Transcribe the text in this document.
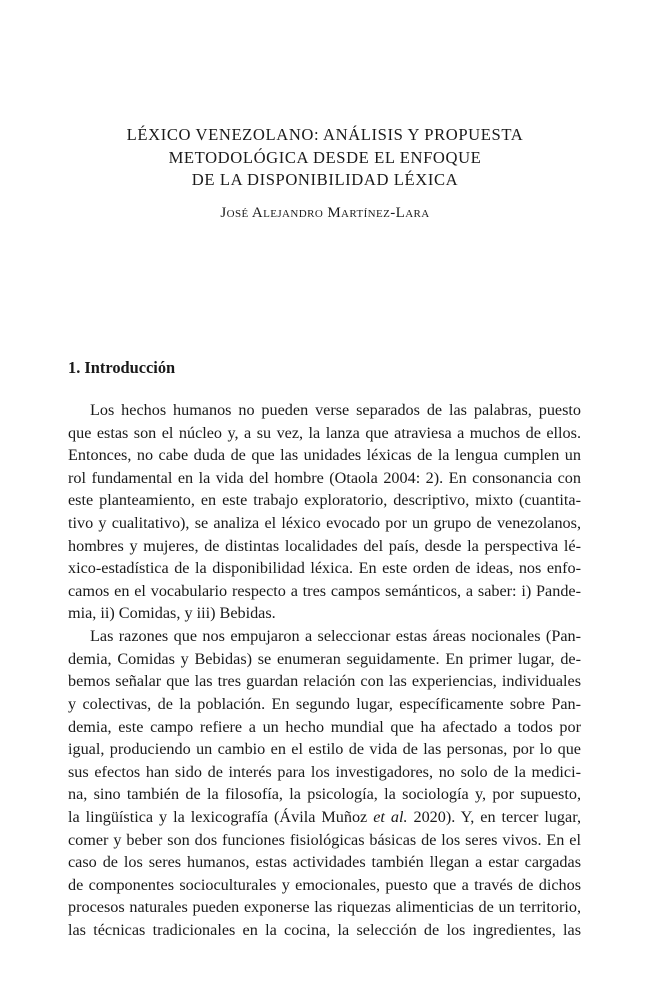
LÉXICO VENEZOLANO: ANÁLISIS Y PROPUESTA
METODOLÓGICA DESDE EL ENFOQUE
DE LA DISPONIBILIDAD LÉXICA

José Alejandro Martínez-Lara

1. Introducción
Los hechos humanos no pueden verse separados de las palabras, puesto
que estas son el núcleo y, a su vez, la lanza que atraviesa a muchos de ellos.
Entonces, no cabe duda de que las unidades léxicas de la lengua cumplen un
rol fundamental en la vida del hombre (Otaola 2004: 2). En consonancia con
este planteamiento, en este trabajo exploratorio, descriptivo, mixto (cuantita-
tivo y cualitativo), se analiza el léxico evocado por un grupo de venezolanos,
hombres y mujeres, de distintas localidades del país, desde la perspectiva lé-
xico-estadística de la disponibilidad léxica. En este orden de ideas, nos enfo-
camos en el vocabulario respecto a tres campos semánticos, a saber: i) Pande-
mia, ii) Comidas, y iii) Bebidas.
Las razones que nos empujaron a seleccionar estas áreas nocionales (Pan-
demia, Comidas y Bebidas) se enumeran seguidamente. En primer lugar, de-
bemos señalar que las tres guardan relación con las experiencias, individuales
y colectivas, de la población. En segundo lugar, específicamente sobre Pan-
demia, este campo refiere a un hecho mundial que ha afectado a todos por
igual, produciendo un cambio en el estilo de vida de las personas, por lo que
sus efectos han sido de interés para los investigadores, no solo de la medici-
na, sino también de la filosofía, la psicología, la sociología y, por supuesto,
la lingüística y la lexicografía (Ávila Muñoz et al. 2020). Y, en tercer lugar,
comer y beber son dos funciones fisiológicas básicas de los seres vivos. En el
caso de los seres humanos, estas actividades también llegan a estar cargadas
de componentes socioculturales y emocionales, puesto que a través de dichos
procesos naturales pueden exponerse las riquezas alimenticias de un territorio,
las técnicas tradicionales en la cocina, la selección de los ingredientes, las
